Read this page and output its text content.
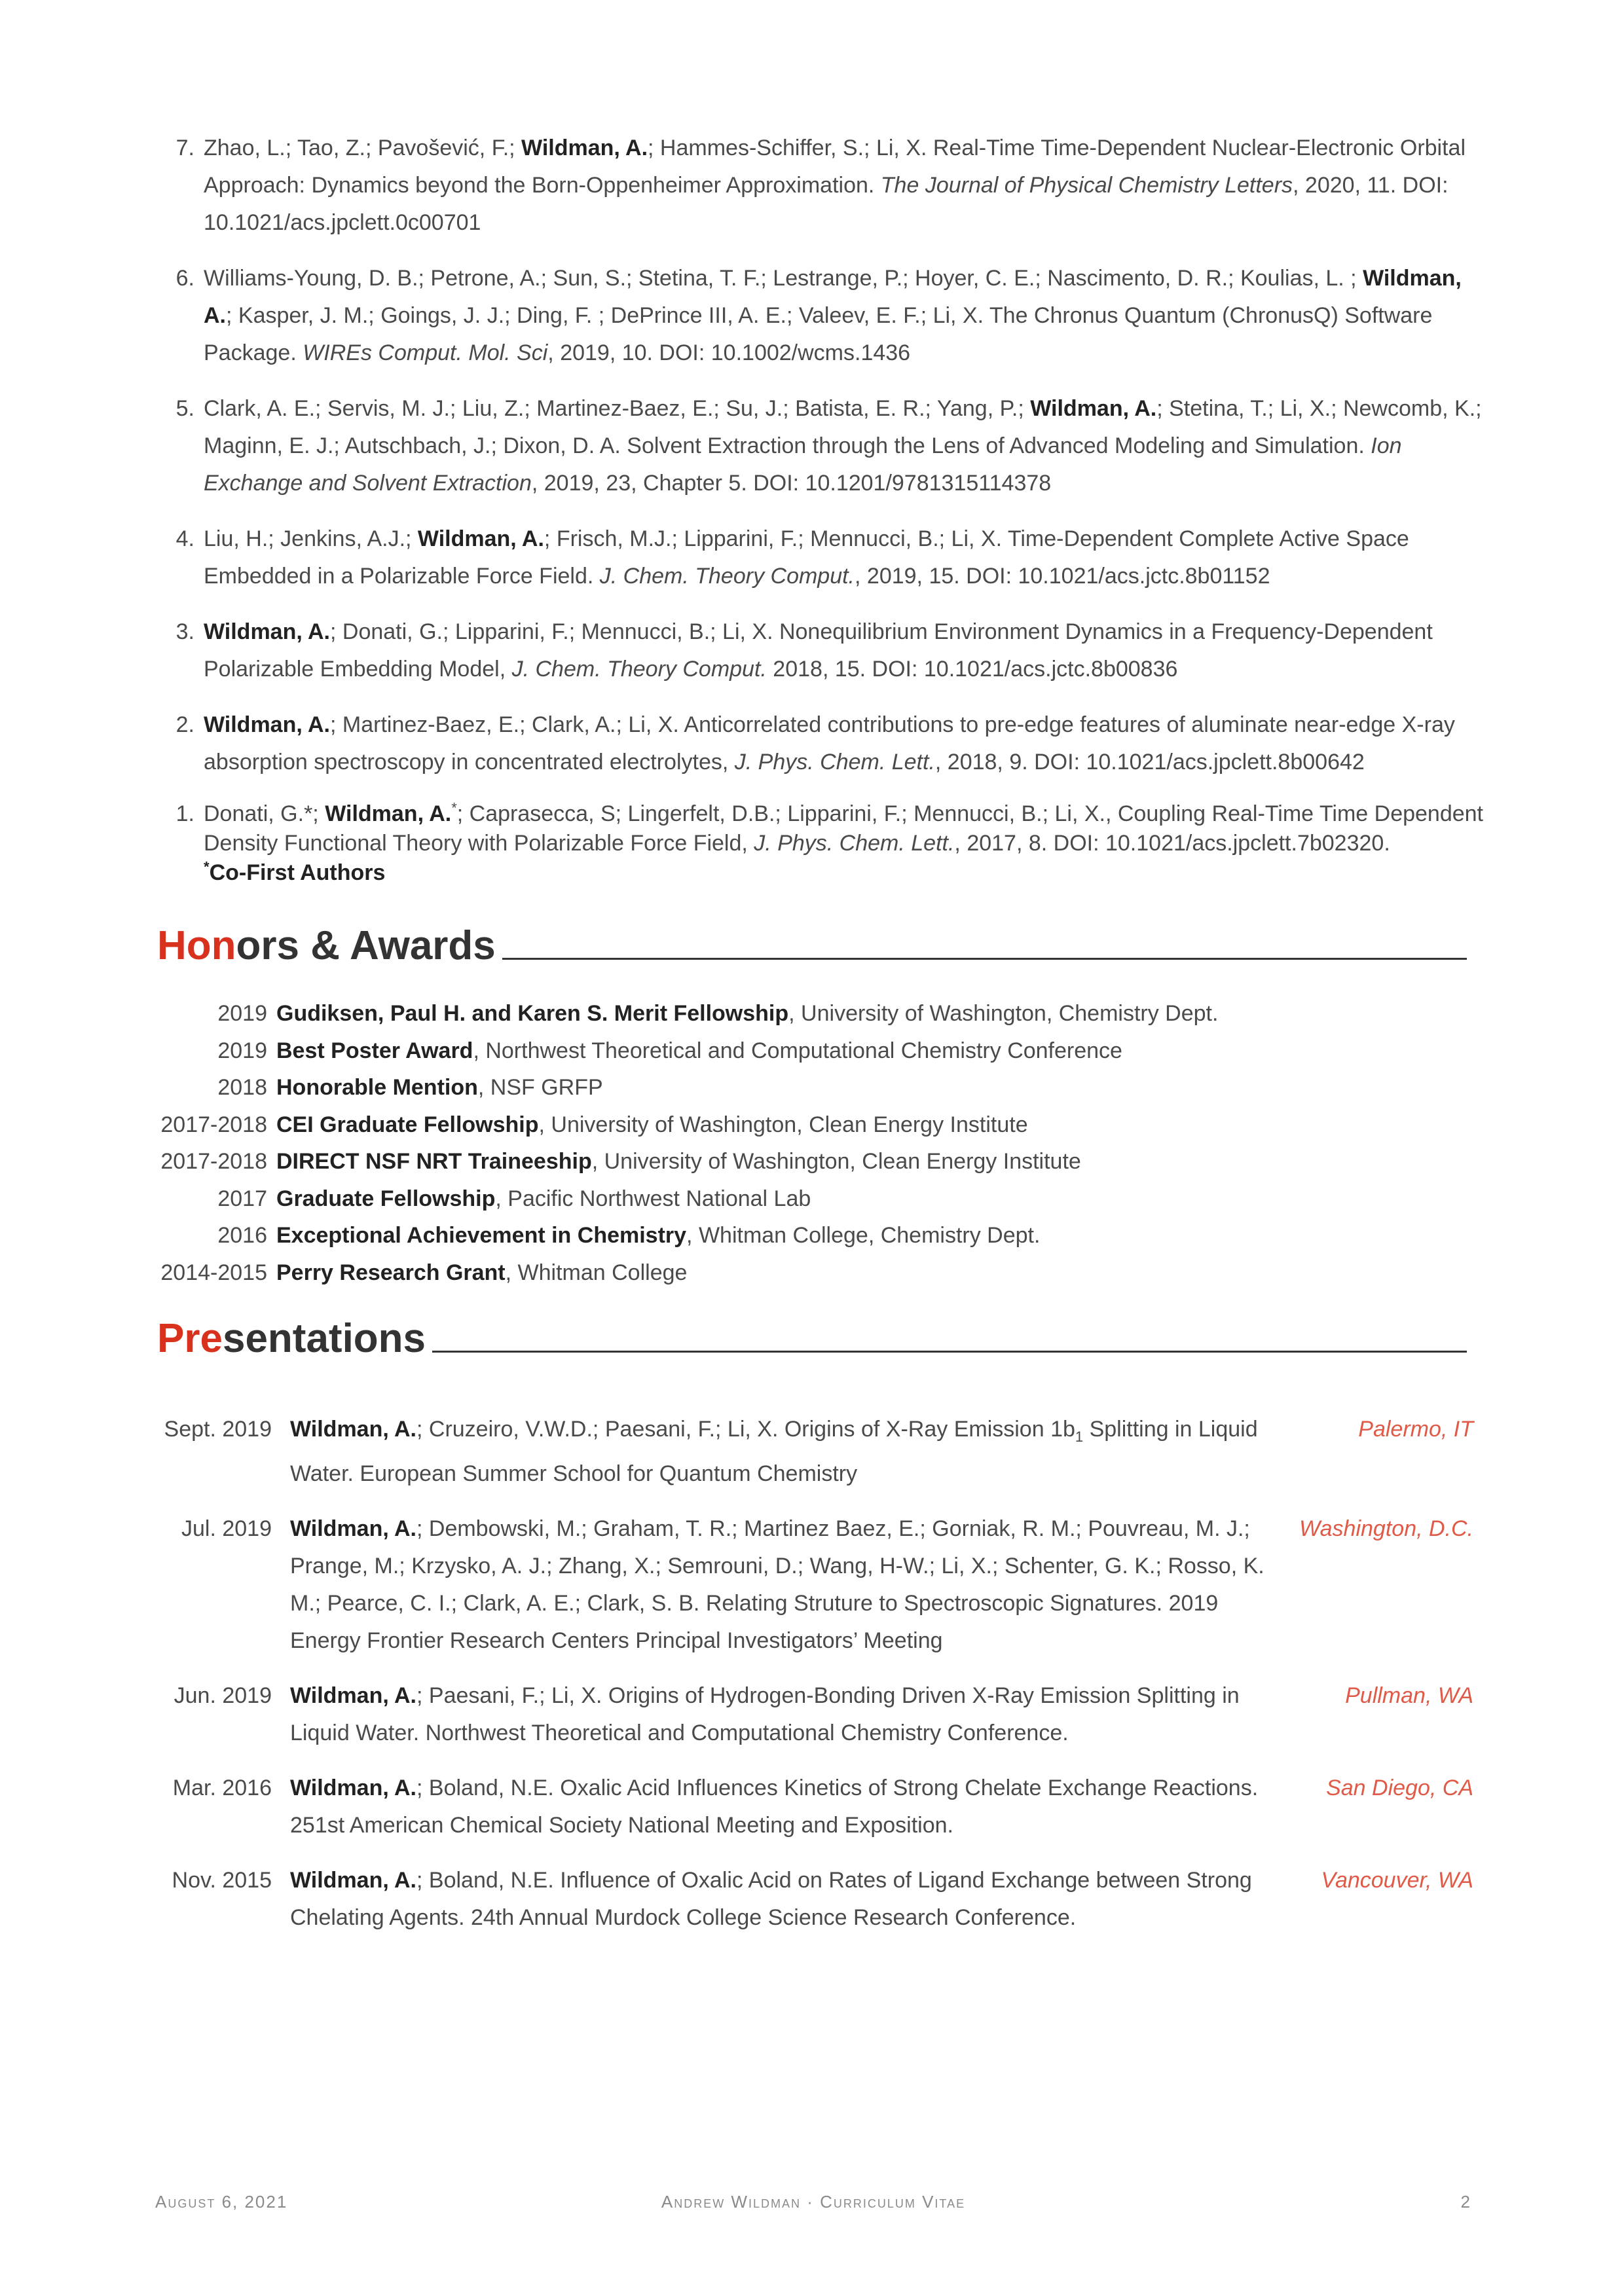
7. Zhao, L.; Tao, Z.; Pavošević, F.; Wildman, A.; Hammes-Schiffer, S.; Li, X. Real-Time Time-Dependent Nuclear-Electronic Orbital Approach: Dynamics beyond the Born-Oppenheimer Approximation. The Journal of Physical Chemistry Letters, 2020, 11. DOI: 10.1021/acs.jpclett.0c00701
6. Williams-Young, D. B.; Petrone, A.; Sun, S.; Stetina, T. F.; Lestrange, P.; Hoyer, C. E.; Nascimento, D. R.; Koulias, L. ; Wildman, A.; Kasper, J. M.; Goings, J. J.; Ding, F. ; DePrince III, A. E.; Valeev, E. F.; Li, X. The Chronus Quantum (ChronusQ) Software Package. WIREs Comput. Mol. Sci, 2019, 10. DOI: 10.1002/wcms.1436
5. Clark, A. E.; Servis, M. J.; Liu, Z.; Martinez-Baez, E.; Su, J.; Batista, E. R.; Yang, P.; Wildman, A.; Stetina, T.; Li, X.; Newcomb, K.; Maginn, E. J.; Autschbach, J.; Dixon, D. A. Solvent Extraction through the Lens of Advanced Modeling and Simulation. Ion Exchange and Solvent Extraction, 2019, 23, Chapter 5. DOI: 10.1201/9781315114378
4. Liu, H.; Jenkins, A.J.; Wildman, A.; Frisch, M.J.; Lipparini, F.; Mennucci, B.; Li, X. Time-Dependent Complete Active Space Embedded in a Polarizable Force Field. J. Chem. Theory Comput., 2019, 15. DOI: 10.1021/acs.jctc.8b01152
3. Wildman, A.; Donati, G.; Lipparini, F.; Mennucci, B.; Li, X. Nonequilibrium Environment Dynamics in a Frequency-Dependent Polarizable Embedding Model, J. Chem. Theory Comput. 2018, 15. DOI: 10.1021/acs.jctc.8b00836
2. Wildman, A.; Martinez-Baez, E.; Clark, A.; Li, X. Anticorrelated contributions to pre-edge features of aluminate near-edge X-ray absorption spectroscopy in concentrated electrolytes, J. Phys. Chem. Lett., 2018, 9. DOI: 10.1021/acs.jpclett.8b00642
1. Donati, G.*; Wildman, A.*; Caprasecca, S; Lingerfelt, D.B.; Lipparini, F.; Mennucci, B.; Li, X., Coupling Real-Time Time Dependent Density Functional Theory with Polarizable Force Field, J. Phys. Chem. Lett., 2017, 8. DOI: 10.1021/acs.jpclett.7b02320.
*Co-First Authors
Honors & Awards
2019 Gudiksen, Paul H. and Karen S. Merit Fellowship, University of Washington, Chemistry Dept.
2019 Best Poster Award, Northwest Theoretical and Computational Chemistry Conference
2018 Honorable Mention, NSF GRFP
2017-2018 CEI Graduate Fellowship, University of Washington, Clean Energy Institute
2017-2018 DIRECT NSF NRT Traineeship, University of Washington, Clean Energy Institute
2017 Graduate Fellowship, Pacific Northwest National Lab
2016 Exceptional Achievement in Chemistry, Whitman College, Chemistry Dept.
2014-2015 Perry Research Grant, Whitman College
Presentations
Sept. 2019 Wildman, A.; Cruzeiro, V.W.D.; Paesani, F.; Li, X. Origins of X-Ray Emission $1b_1$ Splitting in Liquid Water. European Summer School for Quantum Chemistry
Palermo, IT
Jul. 2019 Wildman, A.; Dembowski, M.; Graham, T. R.; Martinez Baez, E.; Gorniak, R. M.; Pouvreau, M. J.; Prange, M.; Krzysko, A. J.; Zhang, X.; Semrouni, D.; Wang, H-W.; Li, X.; Schenter, G. K.; Rosso, K. M.; Pearce, C. I.; Clark, A. E.; Clark, S. B. Relating Struture to Spectroscopic Signatures. 2019 Energy Frontier Research Centers Principal Investigators’ Meeting
Washington, D.C.
Jun. 2019 Wildman, A.; Paesani, F.; Li, X. Origins of Hydrogen-Bonding Driven X-Ray Emission Splitting in Liquid Water. Northwest Theoretical and Computational Chemistry Conference.
Pullman, WA
Mar. 2016 Wildman, A.; Boland, N.E. Oxalic Acid Influences Kinetics of Strong Chelate Exchange Reactions. 251st American Chemical Society National Meeting and Exposition.
San Diego, CA
Nov. 2015 Wildman, A.; Boland, N.E. Influence of Oxalic Acid on Rates of Ligand Exchange between Strong Chelating Agents. 24th Annual Murdock College Science Research Conference.
Vancouver, WA
August 6, 2021	Andrew Wildman · Curriculum Vitae	2
